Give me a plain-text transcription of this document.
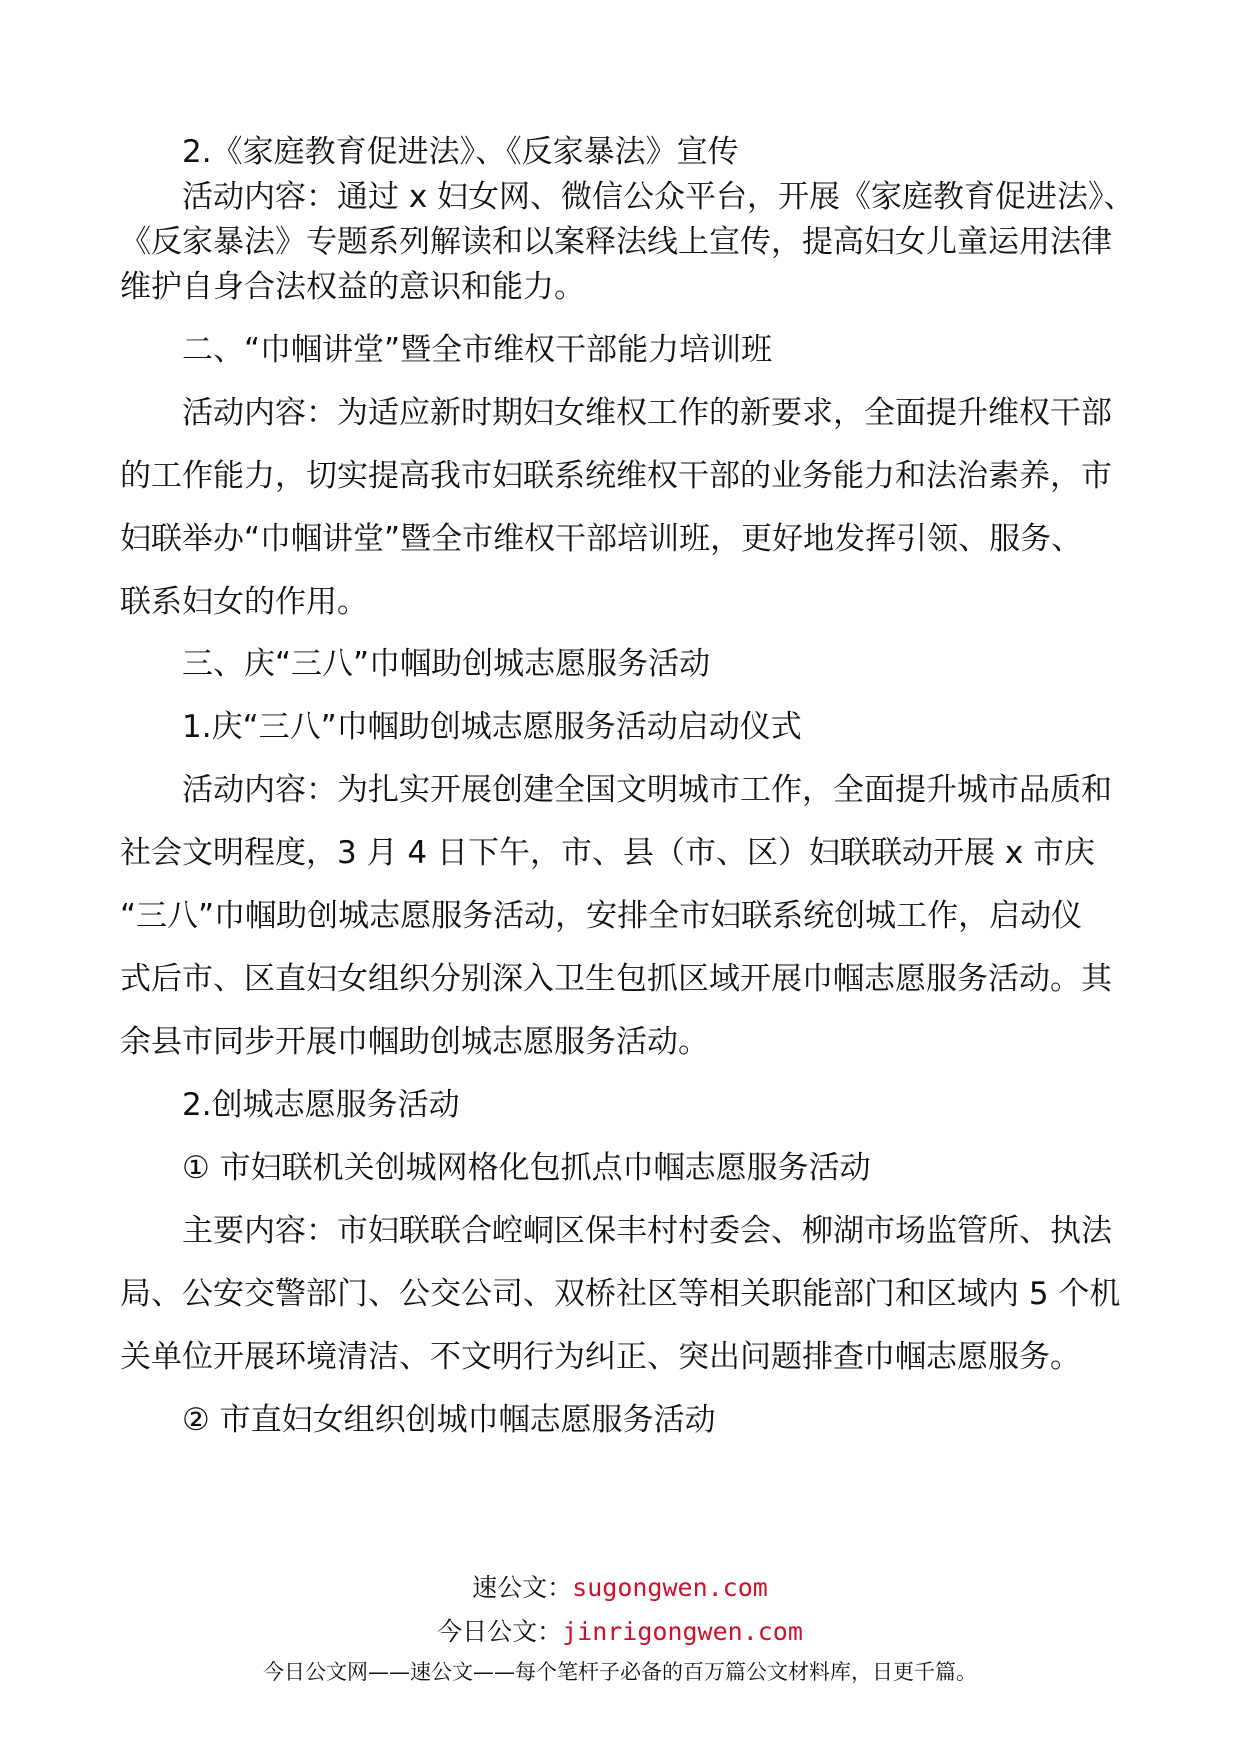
2.《家庭教育促进法》、《反家暴法》宣传

活动内容：通过 x 妇女网、微信公众平台，开展《家庭教育促进法》、

《反家暴法》专题系列解读和以案释法线上宣传，提高妇女儿童运用法律

维护自身合法权益的意识和能力。

二、“巾帼讲堂”暨全市维权干部能力培训班

活动内容：为适应新时期妇女维权工作的新要求，全面提升维权干部

的工作能力，切实提高我市妇联系统维权干部的业务能力和法治素养，市

妇联举办“巾帼讲堂”暨全市维权干部培训班，更好地发挥引领、服务、

联系妇女的作用。

三、庆“三八”巾帼助创城志愿服务活动

1.庆“三八”巾帼助创城志愿服务活动启动仪式

活动内容：为扎实开展创建全国文明城市工作，全面提升城市品质和

社会文明程度，3 月 4 日下午，市、县（市、区）妇联联动开展 x 市庆

“三八”巾帼助创城志愿服务活动，安排全市妇联系统创城工作，启动仪

式后市、区直妇女组织分别深入卫生包抓区域开展巾帼志愿服务活动。其

余县市同步开展巾帼助创城志愿服务活动。

2.创城志愿服务活动

① 市妇联机关创城网格化包抓点巾帼志愿服务活动

主要内容：市妇联联合崆峒区保丰村村委会、柳湖市场监管所、执法

局、公安交警部门、公交公司、双桥社区等相关职能部门和区域内 5 个机

关单位开展环境清洁、不文明行为纠正、突出问题排查巾帼志愿服务。

② 市直妇女组织创城巾帼志愿服务活动

速公文：sugongwen.com
今日公文：jinrigongwen.com
今日公文网——速公文——每个笔杆子必备的百万篇公文材料库，日更千篇。
